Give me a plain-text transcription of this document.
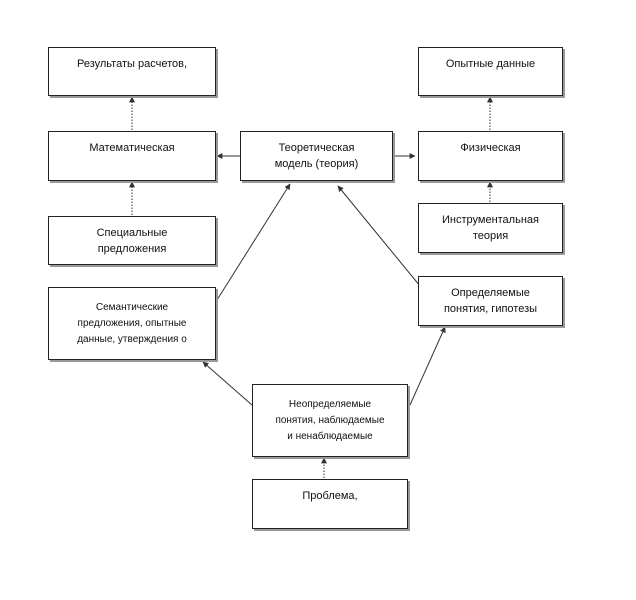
Результаты расчетов,	Опытные данные
Математическая	Теоретическая
модель (теория)
Физическая
Специальные
предложения
Инструментальная
теория
Семантические
предложения, опытные
данные, утверждения о
Определяемые
понятия, гипотезы
Неопределяемые
понятия, наблюдаемые
и ненаблюдаемые
Проблема,
